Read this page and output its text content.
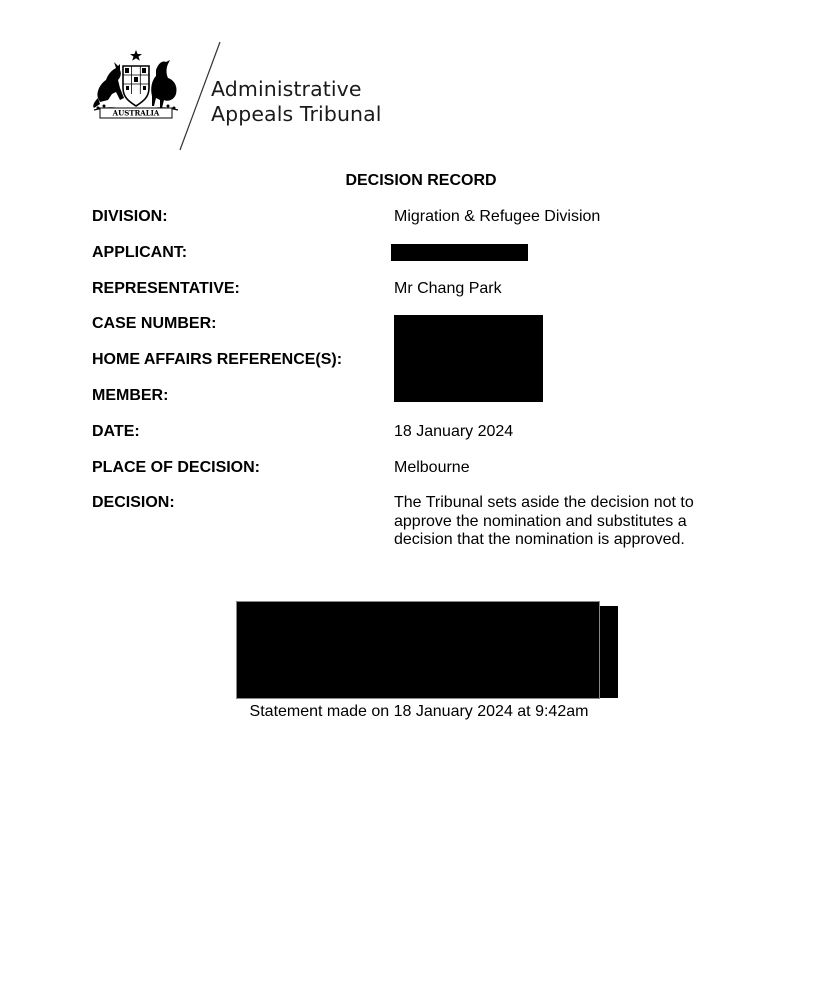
AUSTRALIA
Administrative
Appeals Tribunal
DECISION RECORD
DIVISION:
APPLICANT:
REPRESENTATIVE:
CASE NUMBER:
HOME AFFAIRS REFERENCE(S):
MEMBER:
DATE:
PLACE OF DECISION:
DECISION:
Migration & Refugee Division
Mr Chang Park
18 January 2024
Melbourne
The Tribunal sets aside the decision not to
approve the nomination and substitutes a
decision that the nomination is approved.
Statement made on 18 January 2024 at 9:42am
